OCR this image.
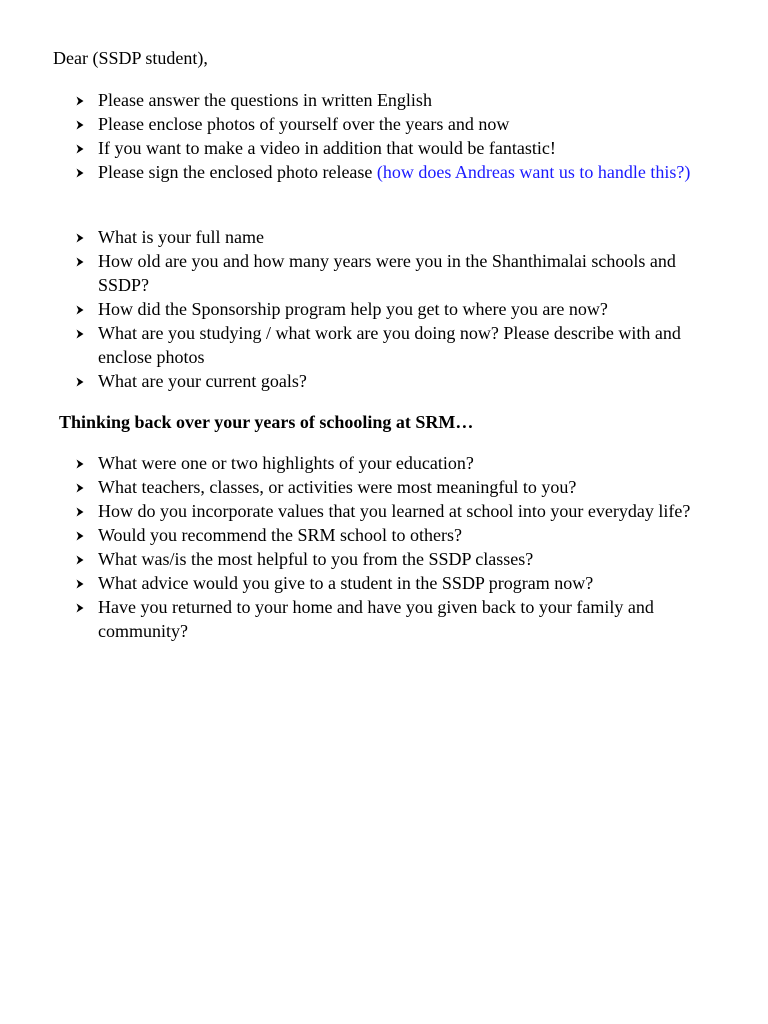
Dear (SSDP student),

Please answer the questions in written English
Please enclose photos of yourself over the years and now
If you want to make a video in addition that would be fantastic!
Please sign the enclosed photo release (how does Andreas want us to handle this?)
What is your full name
How old are you and how many years were you in the Shanthimalai schools and SSDP?
How did the Sponsorship program help you get to where you are now?
What are you studying / what work are you doing now? Please describe with and enclose photos
What are your current goals?

Thinking back over your years of schooling at SRM…

What were one or two highlights of your education?
What teachers, classes, or activities were most meaningful to you?
How do you incorporate values that you learned at school into your everyday life?
Would you recommend the SRM school to others?
What was/is the most helpful to you from the SSDP classes?
What advice would you give to a student in the SSDP program now?
Have you returned to your home and have you given back to your family and community?
